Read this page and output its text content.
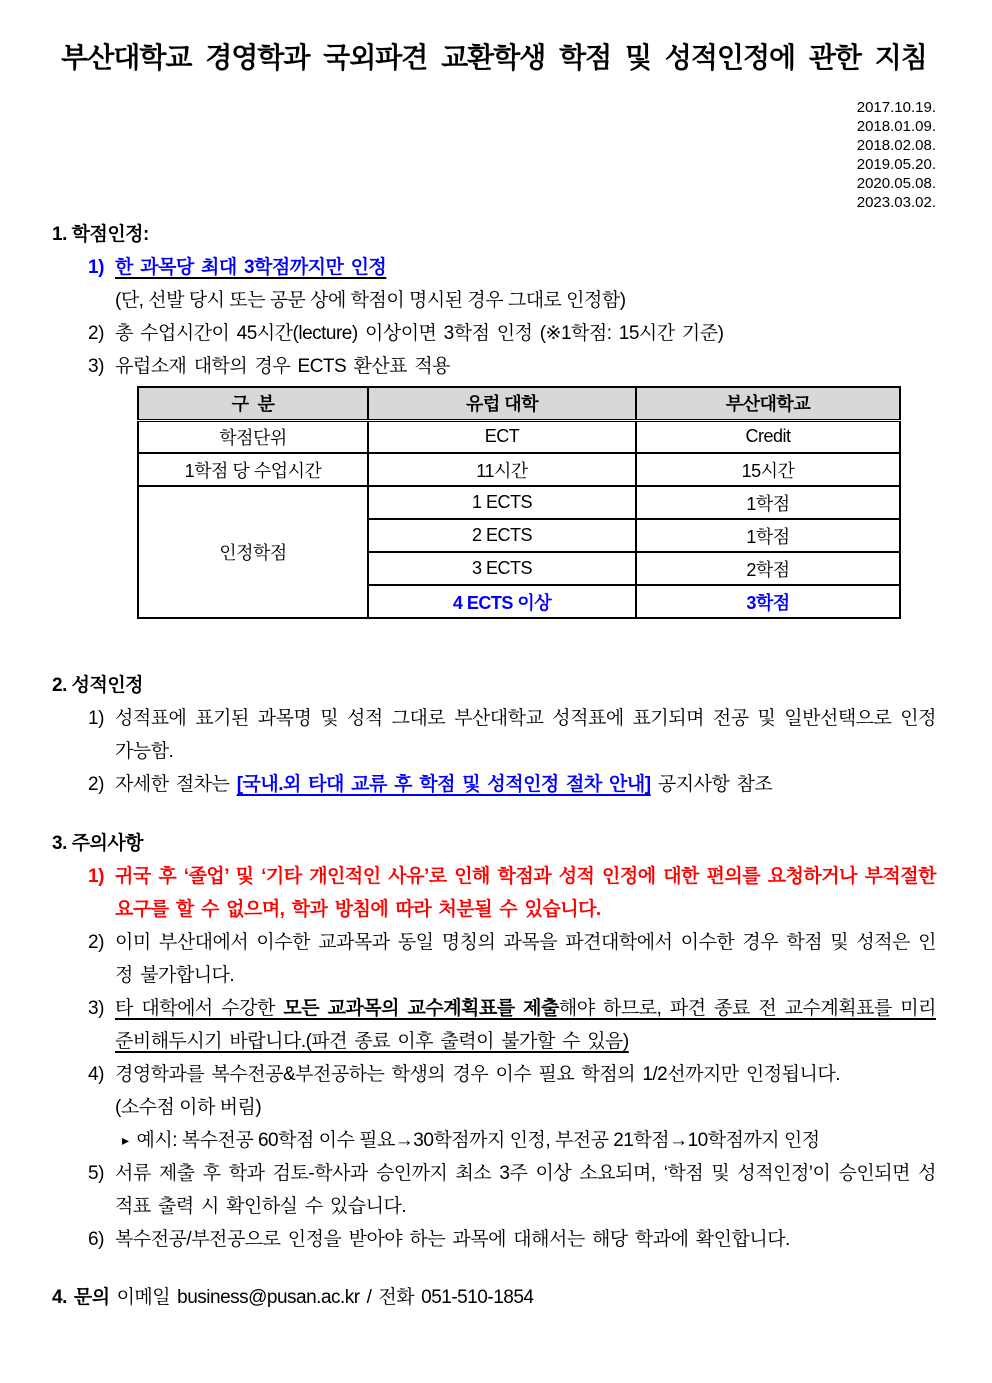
부산대학교 경영학과 국외파견 교환학생 학점 및 성적인정에 관한 지침
2017.10.19.
2018.01.09.
2018.02.08.
2019.05.20.
2020.05.08.
2023.03.02.
1. 학점인정:
1) 한 과목당 최대 3학점까지만 인정
(단, 선발 당시 또는 공문 상에 학점이 명시된 경우 그대로 인정함)
2) 총 수업시간이 45시간(lecture) 이상이면 3학점 인정 (※1학점: 15시간 기준)
3) 유럽소재 대학의 경우 ECTS 환산표 적용
구  분	유럽 대학	부산대학교
학점단위	ECT	Credit
1학점 당 수업시간	11시간	15시간
인정학점	1 ECTS	1학점
	2 ECTS	1학점
	3 ECTS	2학점
	4 ECTS 이상	3학점
2. 성적인정
1) 성적표에 표기된 과목명 및 성적 그대로 부산대학교 성적표에 표기되며 전공 및 일반선택으로 인정 가능함.
2) 자세한 절차는 [국내.외 타대 교류 후 학점 및 성적인정 절차 안내] 공지사항 참조
3. 주의사항
1) 귀국 후 ‘졸업’ 및 ‘기타 개인적인 사유’로 인해 학점과 성적 인정에 대한 편의를 요청하거나 부적절한 요구를 할 수 없으며, 학과 방침에 따라 처분될 수 있습니다.
2) 이미 부산대에서 이수한 교과목과 동일 명칭의 과목을 파견대학에서 이수한 경우 학점 및 성적은 인정 불가합니다.
3) 타 대학에서 수강한 모든 교과목의 교수계획표를 제출해야 하므로, 파견 종료 전 교수계획표를 미리 준비해두시기 바랍니다.(파견 종료 이후 출력이 불가할 수 있음)
4) 경영학과를 복수전공&부전공하는 학생의 경우 이수 필요 학점의 1/2선까지만 인정됩니다.
(소수점 이하 버림)
▸ 예시: 복수전공 60학점 이수 필요→30학점까지 인정, 부전공 21학점→10학점까지 인정
5) 서류 제출 후 학과 검토-학사과 승인까지 최소 3주 이상 소요되며, ‘학점 및 성적인정’이 승인되면 성적표 출력 시 확인하실 수 있습니다.
6) 복수전공/부전공으로 인정을 받아야 하는 과목에 대해서는 해당 학과에 확인합니다.
4. 문의 이메일 business@pusan.ac.kr / 전화 051-510-1854
